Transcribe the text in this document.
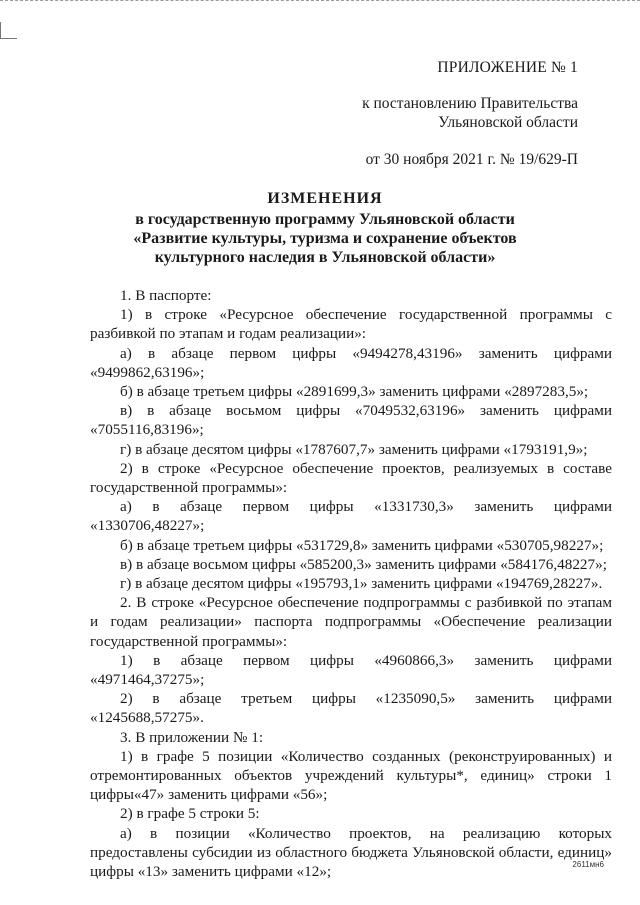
ПРИЛОЖЕНИЕ № 1
к постановлению Правительства
Ульяновской области
от 30 ноября 2021 г. № 19/629-П
ИЗМЕНЕНИЯ
в государственную программу Ульяновской области
«Развитие культуры, туризма и сохранение объектов
культурного наследия в Ульяновской области»

1. В паспорте:

1) в строке «Ресурсное обеспечение государственной программы с разбивкой по этапам и годам реализации»:

а) в абзаце первом цифры «9494278,43196» заменить цифрами «9499862,63196»;

б) в абзаце третьем цифры «2891699,3» заменить цифрами «2897283,5»;

в) в абзаце восьмом цифры «7049532,63196» заменить цифрами «7055116,83196»;

г) в абзаце десятом цифры «1787607,7» заменить цифрами «1793191,9»;

2) в строке «Ресурсное обеспечение проектов, реализуемых в составе государственной программы»:

а) в абзаце первом цифры «1331730,3» заменить цифрами «1330706,48227»;

б) в абзаце третьем цифры «531729,8» заменить цифрами «530705,98227»;

в) в абзаце восьмом цифры «585200,3» заменить цифрами «584176,48227»;

г) в абзаце десятом цифры «195793,1» заменить цифрами «194769,28227».

2. В строке «Ресурсное обеспечение подпрограммы с разбивкой по этапам и годам реализации» паспорта подпрограммы «Обеспечение реализации государственной программы»:

1) в абзаце первом цифры «4960866,3» заменить цифрами «4971464,37275»;

2) в абзаце третьем цифры «1235090,5» заменить цифрами «1245688,57275».

3. В приложении № 1:

1) в графе 5 позиции «Количество созданных (реконструированных) и отремонтированных объектов учреждений культуры*, единиц» строки 1 цифры«47» заменить цифрами «56»;

2) в графе 5 строки 5:

а) в позиции «Количество проектов, на реализацию которых предоставлены субсидии из областного бюджета Ульяновской области, единиц» цифры «13» заменить цифрами «12»;	2611мн6
